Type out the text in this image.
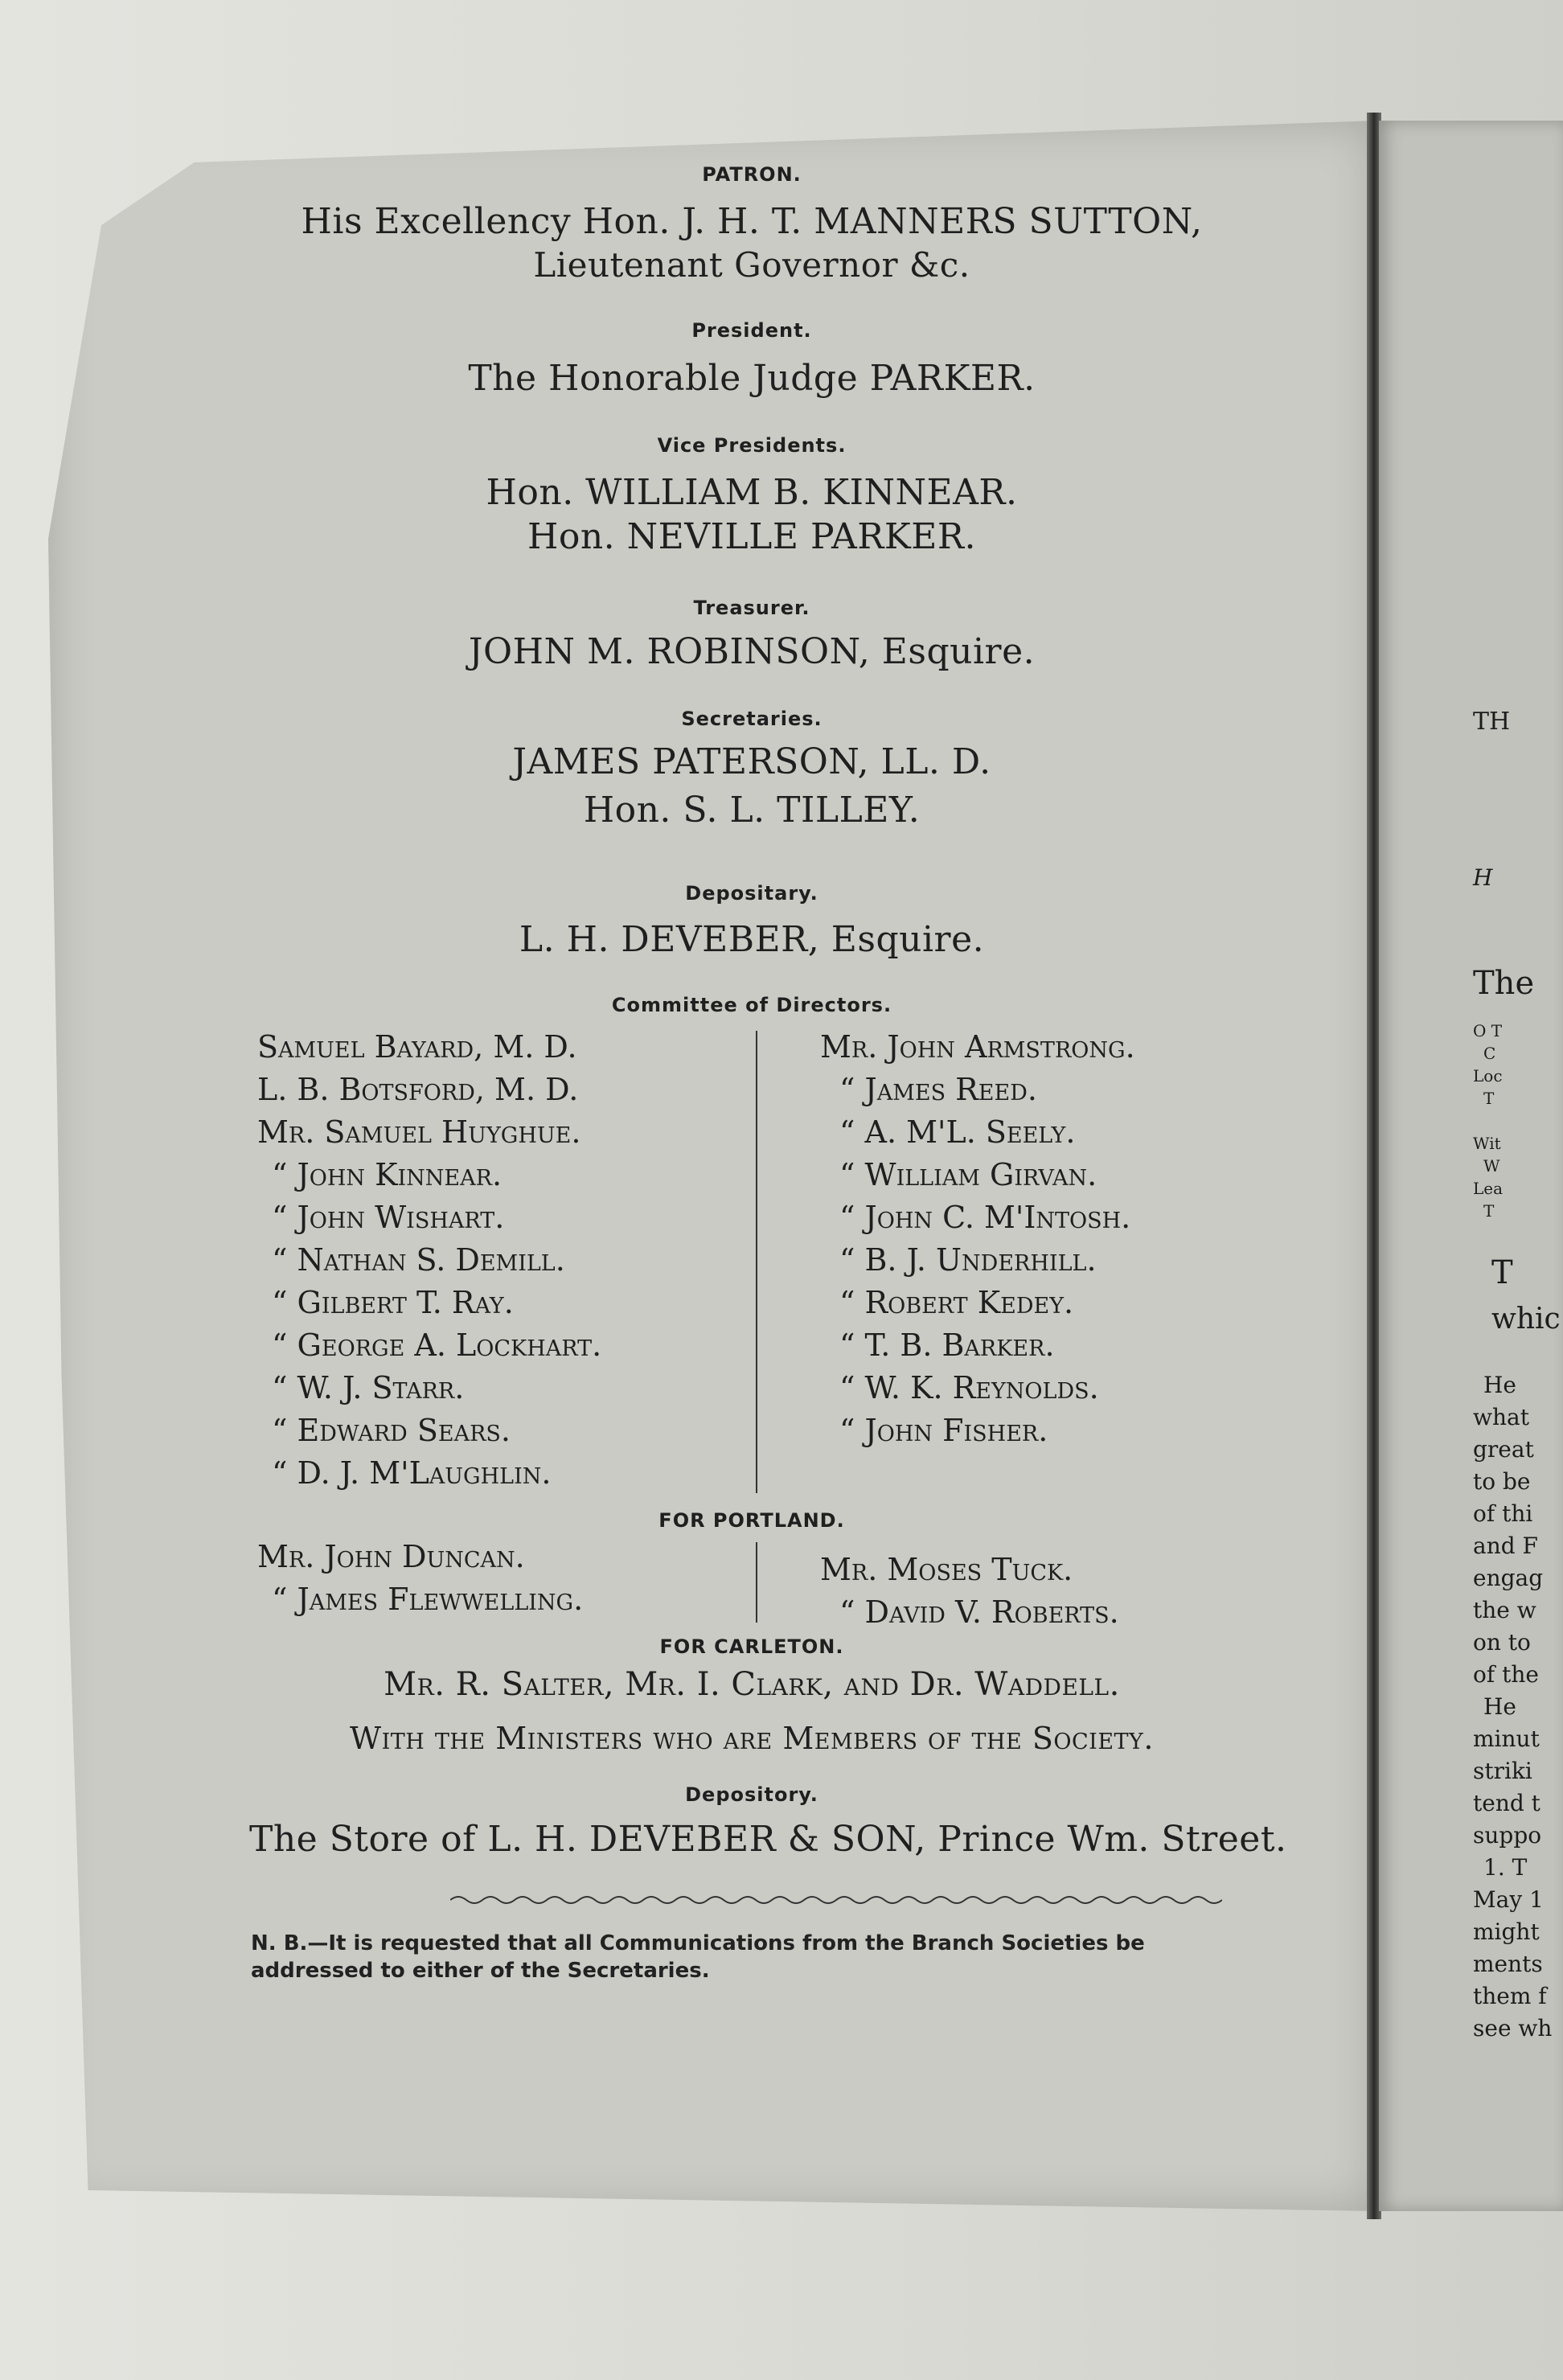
TH
H
The
O T
C
Loc
T
Wit
W
Lea
T
T
whic
He
what
great
to be
of thi
and F
engag
the w
on to
of the
He
minut
striki
tend t
suppo
1. T
May 1
might
ments
them f
see wh
PATRON.
His Excellency Hon. J. H. T. MANNERS SUTTON,
Lieutenant Governor &c.
President.
The Honorable Judge PARKER.
Vice Presidents.
Hon. WILLIAM B. KINNEAR.
Hon. NEVILLE PARKER.
Treasurer.
JOHN M. ROBINSON, Esquire.
Secretaries.
JAMES PATERSON, LL. D.
Hon. S. L. TILLEY.
Depositary.
L. H. DEVEBER, Esquire.
Committee of Directors.
Samuel Bayard, M. D.
L. B. Botsford, M. D.
Mr. Samuel Huyghue.
“ John Kinnear.
“ John Wishart.
“ Nathan S. Demill.
“ Gilbert T. Ray.
“ George A. Lockhart.
“ W. J. Starr.
“ Edward Sears.
“ D. J. M'Laughlin.
Mr. John Armstrong.
“ James Reed.
“ A. M'L. Seely.
“ William Girvan.
“ John C. M'Intosh.
“ B. J. Underhill.
“ Robert Kedey.
“ T. B. Barker.
“ W. K. Reynolds.
“ John Fisher.
FOR PORTLAND.
Mr. John Duncan.
“ James Flewwelling.
Mr. Moses Tuck.
“ David V. Roberts.
FOR CARLETON.
Mr. R. Salter, Mr. I. Clark, and Dr. Waddell.
With the Ministers who are Members of the Society.
Depository.
The Store of L. H. DEVEBER & SON, Prince Wm. Street.
N. B.—It is requested that all Communications from the Branch Societies be addressed to either of the Secretaries.
